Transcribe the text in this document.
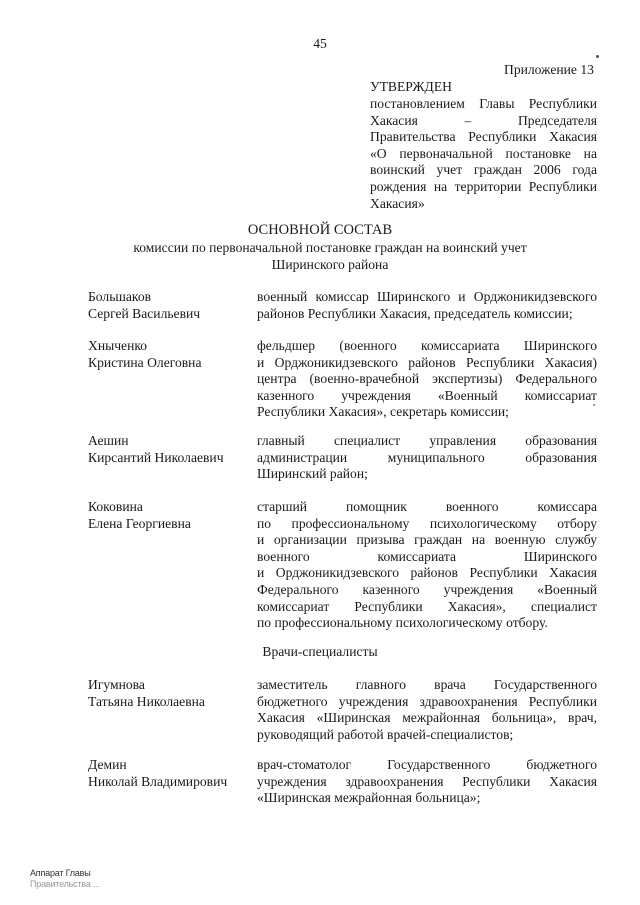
45
Приложение 13
УТВЕРЖДЕН
постановлением Главы Республики
Хакасия – Председателя
Правительства Республики Хакасия
«О первоначальной постановке на
воинский учет граждан 2006 года
рождения на территории Республики
Хакасия»
ОСНОВНОЙ СОСТАВ
комиссии по первоначальной постановке граждан на воинский учет
Ширинского района
Большаков
Сергей Васильевич
военный комиссар Ширинского и Орджоникидзевского
районов Республики Хакасия, председатель комиссии;
Хныченко
Кристина Олеговна
фельдшер (военного комиссариата Ширинского
и Орджоникидзевского районов Республики Хакасия)
центра (военно-врачебной экспертизы) Федерального
казенного учреждения «Военный комиссариат
Республики Хакасия», секретарь комиссии;
Аешин
Кирсантий Николаевич
главный специалист управления образования
администрации муниципального образования
Ширинский район;
Коковина
Елена Георгиевна
старший помощник военного комиссара
по профессиональному психологическому отбору
и организации призыва граждан на военную службу
военного комиссариата Ширинского
и Орджоникидзевского районов Республики Хакасия
Федерального казенного учреждения «Военный
комиссариат Республики Хакасия», специалист
по профессиональному психологическому отбору.
Врачи-специалисты
Игумнова
Татьяна Николаевна
заместитель главного врача Государственного
бюджетного учреждения здравоохранения Республики
Хакасия «Ширинская межрайонная больница», врач,
руководящий работой врачей-специалистов;
Демин
Николай Владимирович
врач-стоматолог Государственного бюджетного
учреждения здравоохранения Республики Хакасия
«Ширинская межрайонная больница»;
Аппарат Главы
Правительства ...
